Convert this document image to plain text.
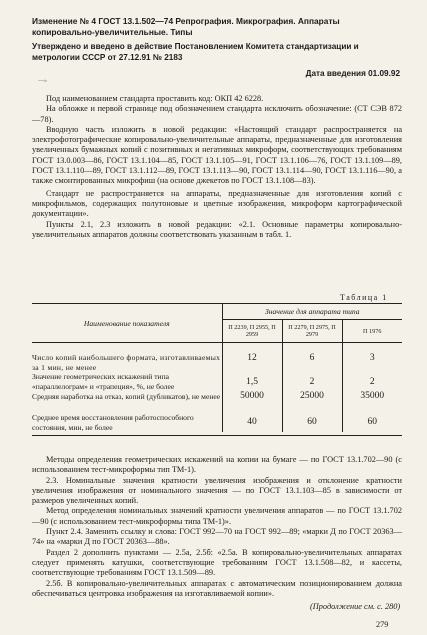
Изменение № 4 ГОСТ 13.1.502—74 Репрография. Микрография. Аппараты копировально-увеличительные. Типы
Утверждено и введено в действие Постановлением Комитета стандартизации и метрологии СССР от 27.12.91 № 2183
Дата введения 01.09.92
—»

Под наименованием стандарта проставить код: ОКП 42 6228.

На обложке и первой странице под обозначением стандарта исключить обозначение: (СТ СЭВ 872—78).

Вводную часть изложить в новой редакции: «Настоящий стандарт распространяется на электрофотографические копировально-увеличительные аппараты, предназначенные для изготовления увеличенных бумажных копий с позитивных и негативных микроформ, соответствующих требованиям ГОСТ 13.0.003—86, ГОСТ 13.1.104—85, ГОСТ 13.1.105—91, ГОСТ 13.1.106—76, ГОСТ 13.1.109—89, ГОСТ 13.1.110—89, ГОСТ 13.1.112—89, ГОСТ 13.1.113—90, ГОСТ 13.1.114—90, ГОСТ 13.1.116—90, а также смонтированных микрофиш (на основе джекетов по ГОСТ 13.1.108—83).

Стандарт не распространяется на аппараты, предназначенные для изготовления копий с микрофильмов, содержащих полутоновые и цветные изображения, микроформ картографической документации».

Пункты 2.1, 2.3 изложить в новой редакции: «2.1. Основные параметры копировально-увеличительных аппаратов должны соответствовать указанным в табл. 1.

Таблица 1
Наименование показателя	Значение для аппарата типа		
	П 2239, П 2955, П 2959	П 2279, П 2975, П 2979	П 1976
Число копий наибольшего формата, изготавливаемых за 1 мин, не менее	12	6	3
Значение геометрических искажений типа «параллелограм» и «трапеция», %, не более	1,5	2	2
Средняя наработка на отказ, копий (дубликатов), не менее	50000	25000	35000
Среднее время восстановления работоспособного состояния, мин, не более	40	60	60

Методы определения геометрических искажений на копии на бумаге — по ГОСТ 13.1.702—90 (с использованием тест-микроформы тип ТМ-1).

2.3. Номинальные значения кратности увеличения изображения и отклонение кратности увеличения изображения от номинального значения — по ГОСТ 13.1.103—85 в зависимости от размеров увеличенных копий.

Метод определения номинальных значений кратности увеличения аппаратов — по ГОСТ 13.1.702—90 (с использованием тест-микроформы типа ТМ-1)».

Пункт 2.4. Заменить ссылку и слова: ГОСТ 992—70 на ГОСТ 992—89; «марки Д по ГОСТ 20363—74» на «марки Д по ГОСТ 20363—88».

Раздел 2 дополнить пунктами — 2.5а, 2.5б: «2.5а. В копировально-увеличительных аппаратах следует применять катушки, соответствующие требованиям ГОСТ 13.1.508—82, и кассеты, соответствующие требованиям ГОСТ 13.1.509—89.

2.5б. В копировально-увеличительных аппаратах с автоматическим позиционированием должна обеспечиваться центровка изображения на изготавливаемой копии».

(Продолжение см. с. 280)
279
